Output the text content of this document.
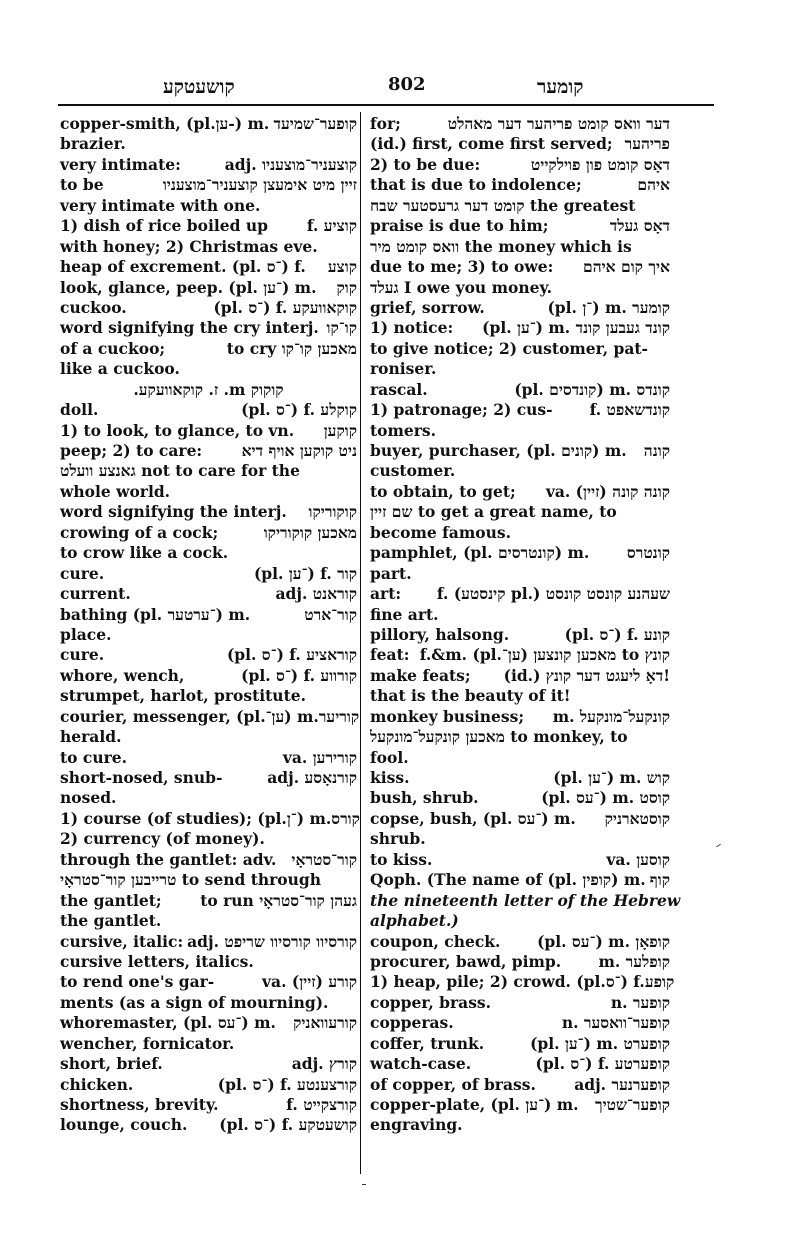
קושעטקע	802	קומער
copper-smith, (pl.ען-) m. קופער־שמיעד
brazier.
very intimate:	adj. קוצעניר־מוצעניו
to be	זיין מיט אימעצן קוצעניר־מוצעניו
very intimate with one.
1) dish of rice boiled up	f. קוציע
with honey; 2) Christmas eve.
heap of excrement. (pl. ־ס) f. קוצע
look, glance, peep. (pl. ־ען) m. קוק
cuckoo.	(pl. ־ס) f. קוקאוועקע
word signifying the cry interj. קו־קו
of a cuckoo;	מאכען קו־קו to cry
like a cuckoo.
קוקוק m. ז. קוקאוועקע.
doll.	(pl. ־ס) f. קוקלע
1) to look, to glance, to vn. קוקען
peep; 2) to care:	ניט קוקען אויף דיא
גאנצע וועלט not to care for the
whole world.
word signifying the interj. קוקוריקו
crowing of a cock;	מאכען קוקוריקו
to crow like a cock.
cure.	(pl. ־ען) f. קור
current.	adj. קוראנט
bathing (pl. ־ערטער) m.	קור־ארט
place.
cure.	(pl. ־ס) f. קוראציע
whore, wench,	(pl. ־ס) f. קורווע
strumpet, harlot, prostitute.
courier, messenger, (pl.ען־) m. קוריער
herald.
to cure.	va. קורירען
short-nosed, snub-	adj. קורנאָסע
nosed.
1) course (of studies); (pl.־ן) m. קורס
2) currency (of money).
through the gantlet: adv. קור־סטראָי
טרייבען קור־סטראָי to send through
the gantlet; געהן קור־סטראָי to run
the gantlet.
cursive, italic: adj. קורסיוו קורסיוו שריפט
cursive letters, italics.
to rend one's gar-	va. (זיין) קורע
ments (as a sign of mourning).
whoremaster, (pl. ־עס) m. קורעוואניק
wencher, fornicator.
short, brief.	adj. קורץ
chicken.	(pl. ־ס) f. קורצענטע
shortness, brevity.	f. קורצקייט
lounge, couch. (pl. ־ס) f. קושעטקע
for;	דער וואס קומט פריהער דער מאהלט
(id.) first, come first served; פריהער
2) to be due:	דאָס קומט פון פוילקייט
that is due to indolence;	איהם
קומט דער גרעסטער שבח the greatest
praise is due to him;	דאָס געלד
וואס קומט מיר the money which is
due to me; 3) to owe: איך קום איהם
געלד I owe you money.
grief, sorrow.	(pl. ־ן) m. קומער
1) notice: (pl. ־ען) m. קונד געבען קונד
to give notice; 2) customer, pat-
roniser.
rascal.	(pl. קונדסים) m. קונדס
1) patronage; 2) cus- f. קונדשאפט
tomers.
buyer, purchaser, (pl. קונים) m. קונה
customer.
to obtain, to get; va. (זיין) קונה קונה
שם זיין to get a great name, to
become famous.
pamphlet, (pl. קונטרסים) m. קונטרס
part.
art: f. (קינסטע pl.) שעהנע קונסט קונסט
fine art.
pillory, halsong.	(pl. ־ס) f. קונע
feat: f.&m. (pl.ען־) מאכען קונצען to קונץ
make feats; (id.) דאָ ליעגט דער קונץ!
that is the beauty of it!
monkey business; m. קונקעל־מונקעל
מאכען קונקעל־מונקעל to monkey, to
fool.
kiss.	(pl. ־ען) m. קוש
bush, shrub.	(pl. ־עס) m. קוסט
copse, bush, (pl. ־עס) m. קוסטארניק
shrub.
to kiss.	va. קוסען
Qoph. (The name of (pl. קופין) m. קוף
the nineteenth letter of the Hebrew
alphabet.)
coupon, check. (pl. ־עס) m. קופאָן
procurer, bawd, pimp. m. קופלער
1) heap, pile; 2) crowd. (pl.־ס) f. קופע
copper, brass.	n. קופער
copperas.	n. קופער־וואסער
coffer, trunk.	(pl. ־ען) m. קופערט
watch-case.	(pl. ־ס) f. קופערטע
of copper, of brass. adj. קופערנער
copper-plate, (pl. ־ען) m. קופער־שטיך
engraving.
